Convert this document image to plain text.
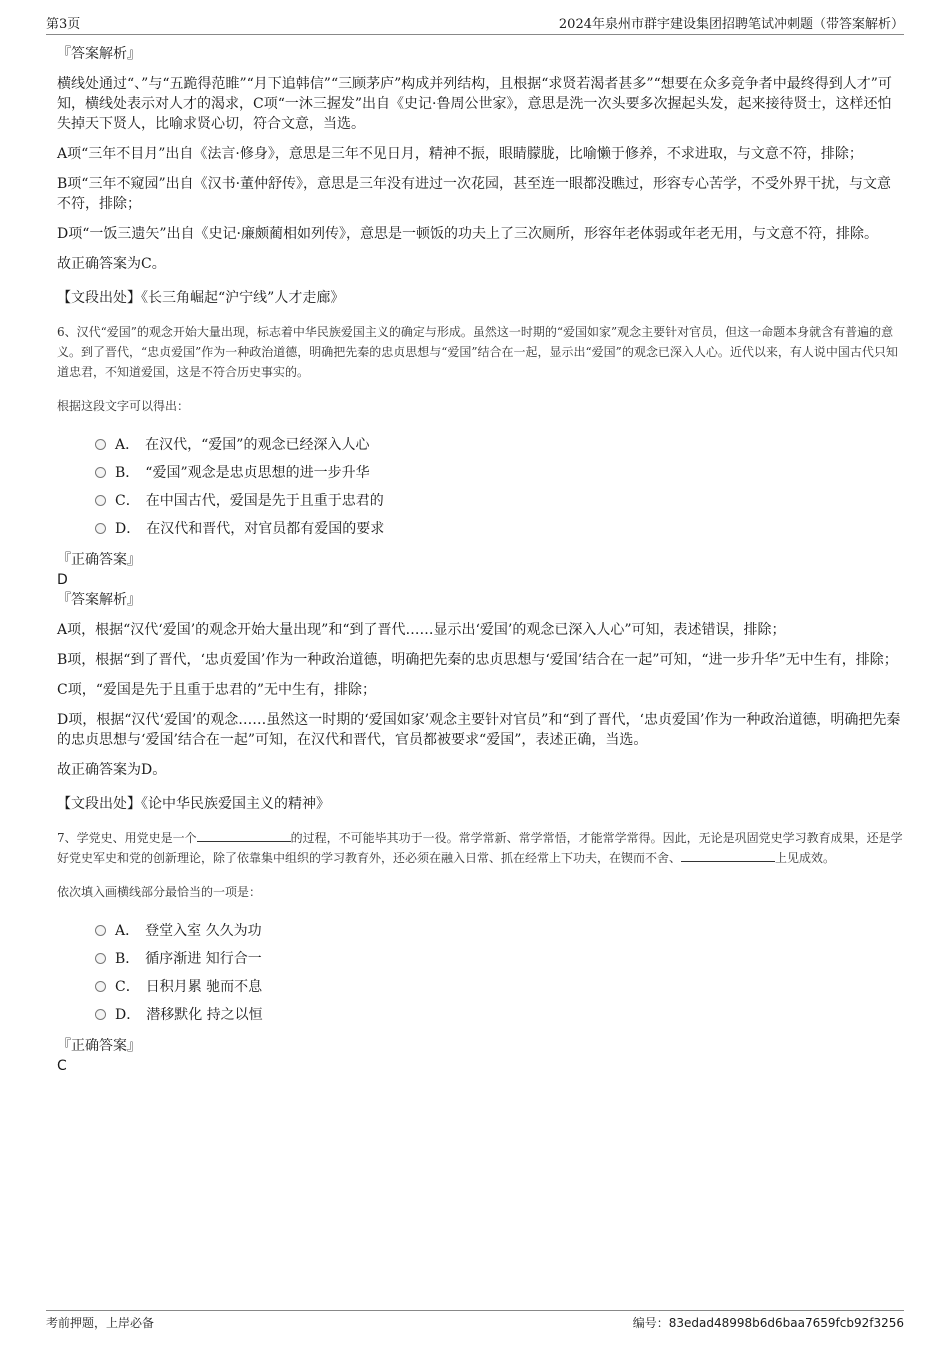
第3页	2024年泉州市群宇建设集团招聘笔试冲刺题（带答案解析）

『答案解析』

横线处通过“、”与“五跪得范睢”“月下追韩信”“三顾茅庐”构成并列结构，且根据“求贤若渴者甚多”“想要在众多竞争者中最终得到人才”可知，横线处表示对人才的渴求，C项“一沐三握发”出自《史记·鲁周公世家》，意思是洗一次头要多次握起头发，起来接待贤士，这样还怕失掉天下贤人，比喻求贤心切，符合文意，当选。

A项“三年不目月”出自《法言·修身》，意思是三年不见日月，精神不振，眼睛朦胧，比喻懒于修养，不求进取，与文意不符，排除；

B项“三年不窥园”出自《汉书·董仲舒传》，意思是三年没有进过一次花园，甚至连一眼都没瞧过，形容专心苦学，不受外界干扰，与文意不符，排除；

D项“一饭三遗矢”出自《史记·廉颇蔺相如列传》，意思是一顿饭的功夫上了三次厕所，形容年老体弱或年老无用，与文意不符，排除。

故正确答案为C。

【文段出处】《长三角崛起“沪宁线”人才走廊》

6、汉代“爱国”的观念开始大量出现，标志着中华民族爱国主义的确定与形成。虽然这一时期的“爱国如家”观念主要针对官员，但这一命题本身就含有普遍的意义。到了晋代，“忠贞爱国”作为一种政治道德，明确把先秦的忠贞思想与“爱国”结合在一起，显示出“爱国”的观念已深入人心。近代以来，有人说中国古代只知道忠君，不知道爱国，这是不符合历史事实的。

根据这段文字可以得出：

A． 在汉代，“爱国”的观念已经深入人心
B． “爱国”观念是忠贞思想的进一步升华
C． 在中国古代，爱国是先于且重于忠君的
D． 在汉代和晋代，对官员都有爱国的要求

『正确答案』

D

『答案解析』

A项，根据“汉代‘爱国’的观念开始大量出现”和“到了晋代……显示出‘爱国’的观念已深入人心”可知，表述错误，排除；

B项，根据“到了晋代，‘忠贞爱国’作为一种政治道德，明确把先秦的忠贞思想与‘爱国’结合在一起”可知，“进一步升华”无中生有，排除；

C项，“爱国是先于且重于忠君的”无中生有，排除；

D项，根据“汉代‘爱国’的观念……虽然这一时期的‘爱国如家’观念主要针对官员”和“到了晋代，‘忠贞爱国’作为一种政治道德，明确把先秦的忠贞思想与‘爱国’结合在一起”可知，在汉代和晋代，官员都被要求“爱国”，表述正确，当选。

故正确答案为D。

【文段出处】《论中华民族爱国主义的精神》

7、学党史、用党史是一个	的过程，不可能毕其功于一役。常学常新、常学常悟，才能常学常得。因此，无论是巩固党史学习教育成果，还是学好党史军史和党的创新理论，除了依靠集中组织的学习教育外，还必须在融入日常、抓在经常上下功夫，在锲而不舍、	上见成效。

依次填入画横线部分最恰当的一项是：

A． 登堂入室 久久为功
B． 循序渐进 知行合一
C． 日积月累 驰而不息
D． 潜移默化 持之以恒

『正确答案』

C

考前押题，上岸必备	编号：83edad48998b6d6baa7659fcb92f3256
